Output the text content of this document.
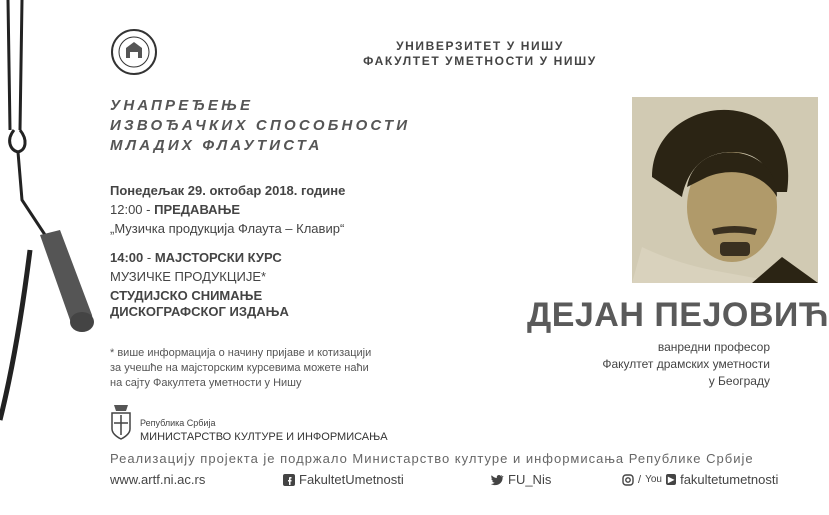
УНИВЕРЗИТЕТ У НИШУ
ФАКУЛТЕТ УМЕТНОСТИ У НИШУ
УНАПРЕЂЕЊЕ
ИЗВОЂАЧКИХ СПОСОБНОСТИ
МЛАДИХ ФЛАУТИСТА
Понедељак 29. октобар 2018. године
12:00 - ПРЕДАВАЊЕ
„Музичка продукција Флаута – Клавир“
14:00 - МАЈСТОРСКИ КУРС
МУЗИЧКЕ ПРОДУКЦИЈЕ*
СТУДИЈСКО СНИМАЊЕ
ДИСКОГРАФСКОГ ИЗДАЊА
* више информација о начину пријаве и котизацији
за учешће на мајсторским курсевима можете наћи
на сајту Факултета уметности у Нишу
Република Србија
МИНИСТАРСТВО КУЛТУРЕ И ИНФОРМИСАЊА
Реализацију пројекта је подржало Министарство културе и информисања Републике Србије
www.artf.ni.ac.rs	FakultetUmetnosti	FU_Nis	/ You ▶ fakultetumetnosti
ДЕЈАН ПЕЈОВИЋ
ванредни професор
Факултет драмских уметности
у Београду
